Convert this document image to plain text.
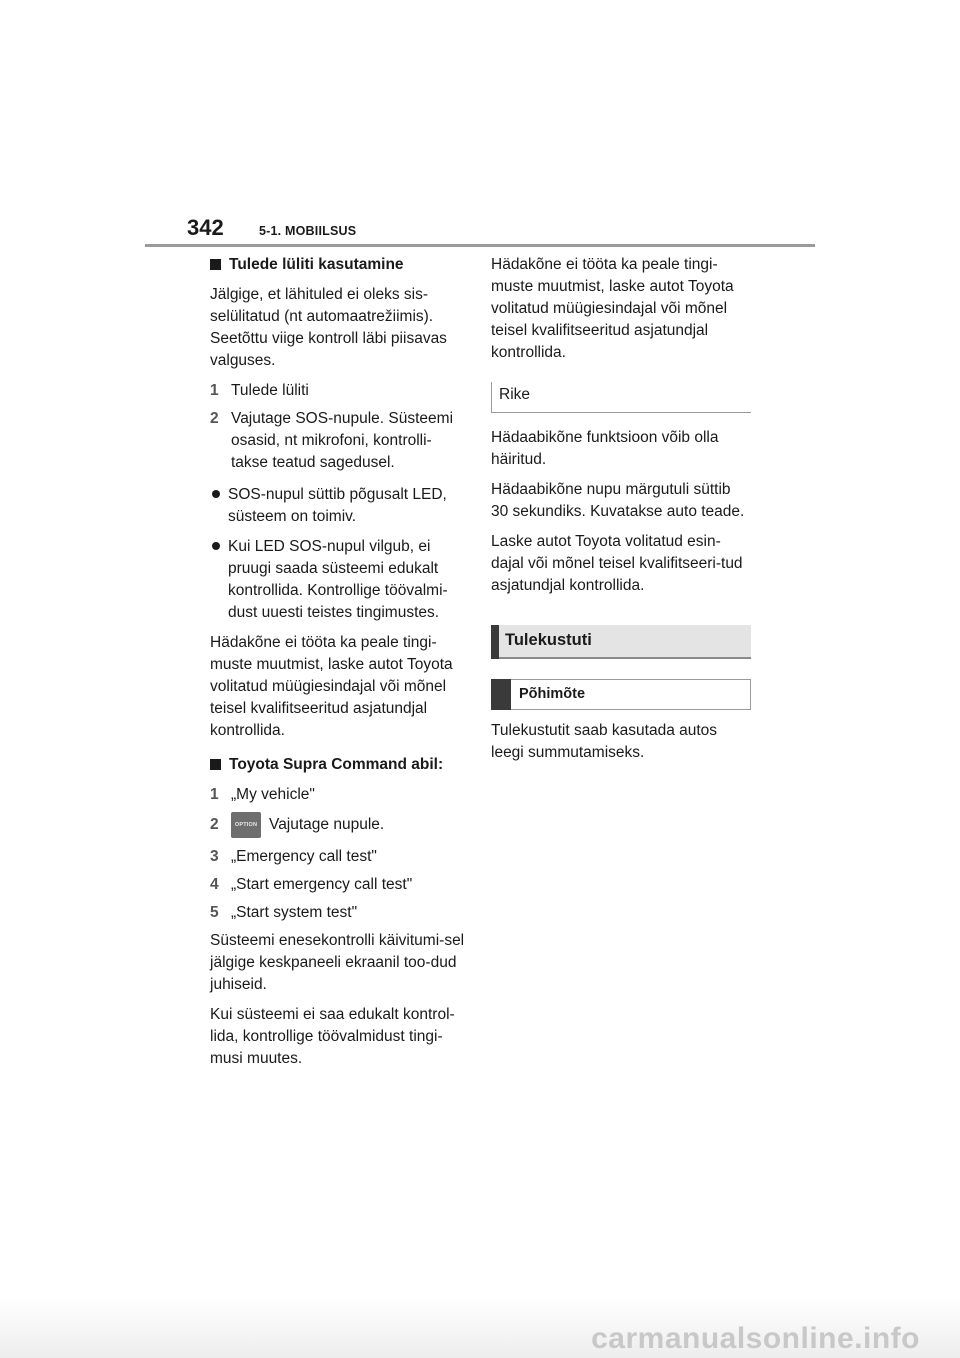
342	5-1. MOBIILSUS
Tulede lüliti kasutamine

Jälgige, et lähituled ei oleks sis-selülitatud (nt automaatrežiimis). Seetõttu viige kontroll läbi piisavas valguses.

1 Tulede lüliti
2 Vajutage SOS-nupule. Süsteemi osasid, nt mikrofoni, kontrolli-takse teatud sagedusel.
SOS-nupul süttib põgusalt LED, süsteem on toimiv.
Kui LED SOS-nupul vilgub, ei pruugi saada süsteemi edukalt kontrollida. Kontrollige töövalmi-dust uuesti teistes tingimustes.

Hädakõne ei tööta ka peale tingi-muste muutmist, laske autot Toyota volitatud müügiesindajal või mõnel teisel kvalifitseeritud asjatundjal kontrollida.

Toyota Supra Command abil:
1 „My vehicle"
2	OPTION Vajutage nupule.
3 „Emergency call test"
4 „Start emergency call test"
5 „Start system test"

Süsteemi enesekontrolli käivitumi-sel jälgige keskpaneeli ekraanil too-dud juhiseid.

Kui süsteemi ei saa edukalt kontrol-lida, kontrollige töövalmidust tingi-musi muutes.

Hädakõne ei tööta ka peale tingi-muste muutmist, laske autot Toyota volitatud müügiesindajal või mõnel teisel kvalifitseeritud asjatundjal kontrollida.

Rike

Hädaabikõne funktsioon võib olla häiritud.

Hädaabikõne nupu märgutuli süttib 30 sekundiks. Kuvatakse auto teade.

Laske autot Toyota volitatud esin-dajal või mõnel teisel kvalifitseeri-tud asjatundjal kontrollida.

Tulekustuti
Põhimõte

Tulekustutit saab kasutada autos leegi summutamiseks.

carmanualsonline.info
